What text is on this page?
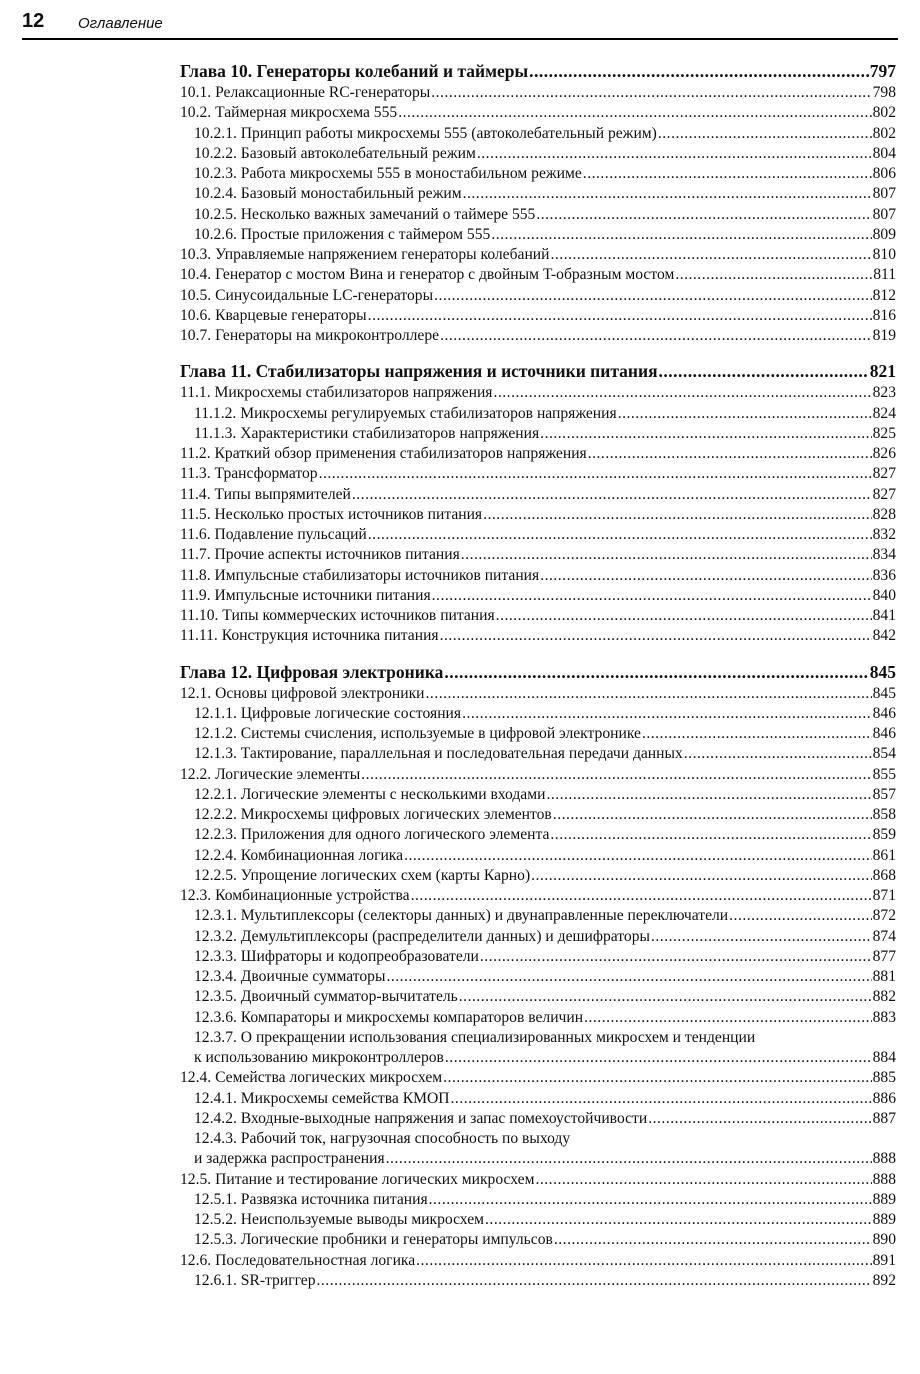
12 Оглавление
Глава 10. Генераторы колебаний и таймеры .....	797
10.1. Релаксационные RC-генераторы .....	798
10.2. Таймерная микросхема 555 .....	802
10.2.1. Принцип работы микросхемы 555 (автоколебательный режим) .....	802
10.2.2. Базовый автоколебательный режим .....	804
10.2.3. Работа микросхемы 555 в моностабильном режиме .....	806
10.2.4. Базовый моностабильный режим .....	807
10.2.5. Несколько важных замечаний о таймере 555 .....	807
10.2.6. Простые приложения с таймером 555 .....	809
10.3. Управляемые напряжением генераторы колебаний .....	810
10.4. Генератор с мостом Вина и генератор с двойным T-образным мостом .....	811
10.5. Синусоидальные LC-генераторы .....	812
10.6. Кварцевые генераторы .....	816
10.7. Генераторы на микроконтроллере .....	819
Глава 11. Стабилизаторы напряжения и источники питания .....	821
11.1. Микросхемы стабилизаторов напряжения .....	823
11.1.2. Микросхемы регулируемых стабилизаторов напряжения .....	824
11.1.3. Характеристики стабилизаторов напряжения .....	825
11.2. Краткий обзор применения стабилизаторов напряжения .....	826
11.3. Трансформатор .....	827
11.4. Типы выпрямителей .....	827
11.5. Несколько простых источников питания .....	828
11.6. Подавление пульсаций .....	832
11.7. Прочие аспекты источников питания .....	834
11.8. Импульсные стабилизаторы источников питания .....	836
11.9. Импульсные источники питания .....	840
11.10. Типы коммерческих источников питания .....	841
11.11. Конструкция источника питания .....	842
Глава 12. Цифровая электроника .....	845
12.1. Основы цифровой электроники .....	845
12.1.1. Цифровые логические состояния .....	846
12.1.2. Системы счисления, используемые в цифровой электронике .....	846
12.1.3. Тактирование, параллельная и последовательная передачи данных .....	854
12.2. Логические элементы .....	855
12.2.1. Логические элементы с несколькими входами .....	857
12.2.2. Микросхемы цифровых логических элементов .....	858
12.2.3. Приложения для одного логического элемента .....	859
12.2.4. Комбинационная логика .....	861
12.2.5. Упрощение логических схем (карты Карно) .....	868
12.3. Комбинационные устройства .....	871
12.3.1. Мультиплексоры (селекторы данных) и двунаправленные переключатели .....	872
12.3.2. Демультиплексоры (распределители данных) и дешифраторы .....	874
12.3.3. Шифраторы и кодопреобразователи .....	877
12.3.4. Двоичные сумматоры .....	881
12.3.5. Двоичный сумматор-вычитатель .....	882
12.3.6. Компараторы и микросхемы компараторов величин .....	883
12.3.7. О прекращении использования специализированных микросхем и тенденции
к использованию микроконтроллеров .....	884
12.4. Семейства логических микросхем .....	885
12.4.1. Микросхемы семейства КМОП .....	886
12.4.2. Входные-выходные напряжения и запас помехоустойчивости .....	887
12.4.3. Рабочий ток, нагрузочная способность по выходу
и задержка распространения .....	888
12.5. Питание и тестирование логических микросхем .....	888
12.5.1. Развязка источника питания .....	889
12.5.2. Неиспользуемые выводы микросхем .....	889
12.5.3. Логические пробники и генераторы импульсов .....	890
12.6. Последовательностная логика .....	891
12.6.1. SR-триггер .....	892
